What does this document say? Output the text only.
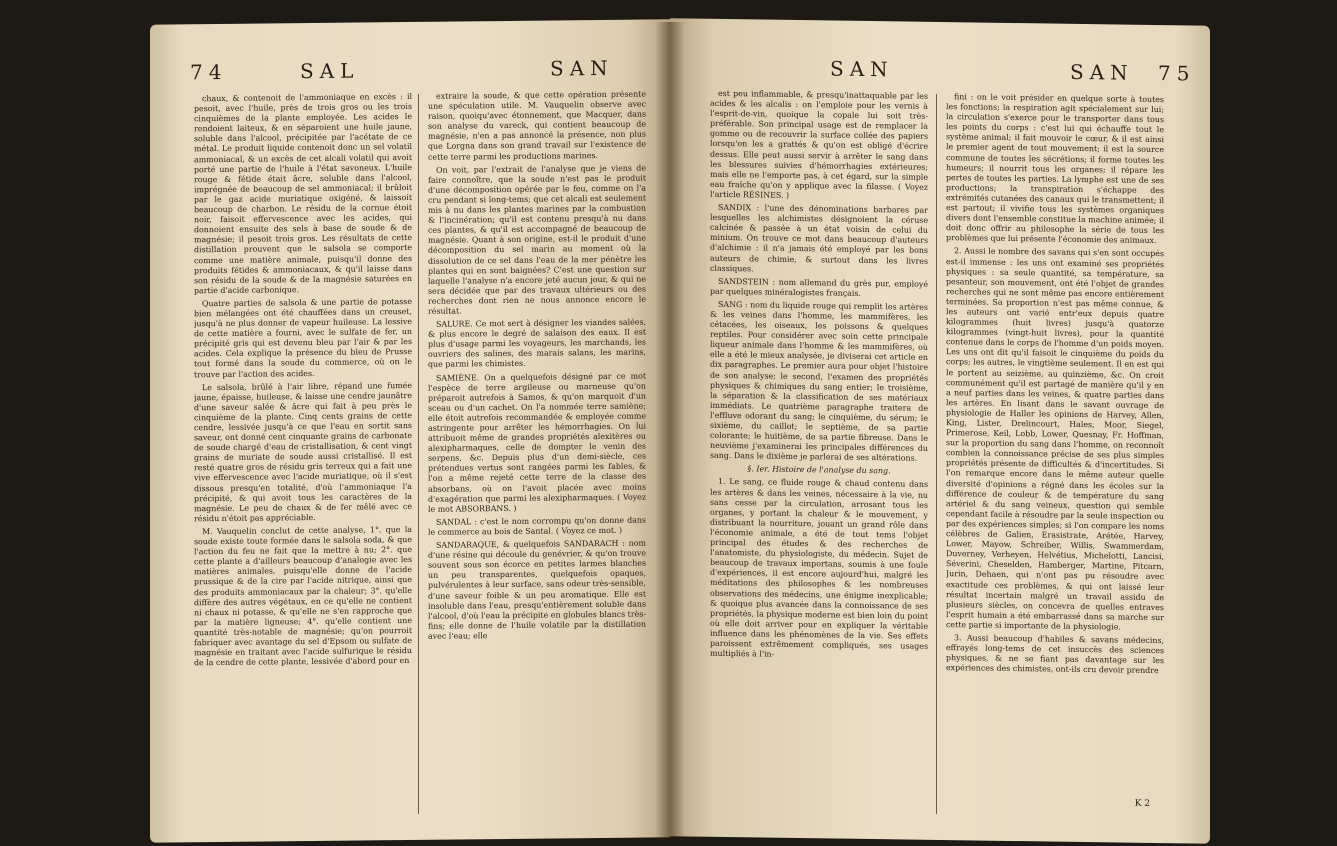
74	SAL	SAN

chaux, & contenoit de l'ammoniaque en excès : il pesoit, avec l'huile, près de trois gros ou les trois cinquièmes de la plante employée. Les acides le rendoient laiteux, & en séparoient une huile jaune, soluble dans l'alcool, précipitée par l'acétate de ce métal. Le produit liquide contenoit donc un sel volatil ammoniacal, & un excès de cet alcali volatil qui avoit porté une partie de l'huile à l'état savoneux. L'huile rouge & fétide était âcre, soluble dans l'alcool, imprégnée de beaucoup de sel ammoniacal; il brûloit par le gaz acide muriatique oxigéné, & laissoit beaucoup de charbon. Le résidu de la cornue étoit noir, faisoit effervescence avec les acides, qui donnoient ensuite des sels à base de soude & de magnésie; il pesoit trois gros. Les résultats de cette distillation prouvent que le salsola se comporte comme une matière animale, puisqu'il donne des produits fétides & ammoniacaux, & qu'il laisse dans son résidu de la soude & de la magnésie saturées en partie d'acide carbonique.

Quatre parties de salsola & une partie de potasse bien mélangées ont été chauffées dans un creuset, jusqu'à ne plus donner de vapeur huileuse. La lessive de cette matière a fourni, avec le sulfate de fer, un précipité gris qui est devenu bleu par l'air & par les acides. Cela explique la présence du bleu de Prusse tout formé dans la soude du commerce, où on le trouve par l'action des acides.

Le salsola, brûlé à l'air libre, répand une fumée jaune, épaisse, huileuse, & laisse une cendre jaunâtre d'une saveur salée & âcre qui fait à peu près le cinquième de la plante. Cinq cents grains de cette cendre, lessivée jusqu'à ce que l'eau en sortit sans saveur, ont donné cent cinquante grains de carbonate de soude chargé d'eau de cristallisation, & cent vingt grains de muriate de soude aussi cristallisé. Il est resté quatre gros de résidu gris terreux qui a fait une vive effervescence avec l'acide muriatique, où il s'est dissous presqu'en totalité, d'où l'ammoniaque l'a précipité, & qui avoit tous les caractères de la magnésie. Le peu de chaux & de fer mêlé avec ce résidu n'étoit pas appréciable.

M. Vauquelin conclut de cette analyse, 1°. que la soude existe toute formée dans le salsola soda, & que l'action du feu ne fait que la mettre à nu; 2°. que cette plante a d'ailleurs beaucoup d'analogie avec les matières animales, puisqu'elle donne de l'acide prussique & de la cire par l'acide nitrique, ainsi que des produits ammoniacaux par la chaleur; 3°. qu'elle diffère des autres végétaux, en ce qu'elle ne contient ni chaux ni potasse, & qu'elle ne s'en rapproche que par la matière ligneuse; 4°. qu'elle contient une quantité très-notable de magnésie; qu'on pourroit fabriquer avec avantage du sel d'Epsom ou sulfate de magnésie en traitant avec l'acide sulfurique le résidu de la cendre de cette plante, lessivée d'abord pour en

extraire la soude, & que cette opération présente une spéculation utile. M. Vauquelin observe avec raison, quoiqu'avec étonnement, que Macquer, dans son analyse du vareck, qui contient beaucoup de magnésie, n'en a pas annoncé la présence, non plus que Lorgna dans son grand travail sur l'existence de cette terre parmi les productions marines.

On voit, par l'extrait de l'analyse que je viens de faire connoître, que la soude n'est pas le produit d'une décomposition opérée par le feu, comme on l'a cru pendant si long-tems; que cet alcali est seulement mis à nu dans les plantes marines par la combustion & l'incinération; qu'il est contenu presqu'à nu dans ces plantes, & qu'il est accompagné de beaucoup de magnésie. Quant à son origine, est-il le produit d'une décomposition du sel marin au moment où la dissolution de ce sel dans l'eau de la mer pénètre les plantes qui en sont baignées? C'est une question sur laquelle l'analyse n'a encore jeté aucun jour, & qui ne sera décidée que par des travaux ultérieurs ou des recherches dont rien ne nous annonce encore le résultat.

SALURE. Ce mot sert à désigner les viandes salées, & plus encore le degré de salaison des eaux. Il est plus d'usage parmi les voyageurs, les marchands, les ouvriers des salines, des marais salans, les marins, que parmi les chimistes.

SAMIÈNE. On a quelquefois désigné par ce mot l'espèce de terre argileuse ou marneuse qu'on préparoit autrefois à Samos, & qu'on marquoit d'un sceau ou d'un cachet. On l'a nommée terre samiène; elle étoit autrefois recommandée & employée comme astringente pour arrêter les hémorrhagies. On lui attribuoit même de grandes propriétés alexitères ou alexipharmaques, celle de dompter le venin des serpens, &c. Depuis plus d'un demi-siècle, ces prétendues vertus sont rangées parmi les fables, & l'on a même rejeté cette terre de la classe des absorbans, où on l'avoit placée avec moins d'exagération que parmi les alexipharmaques. ( Voyez le mot ABSORBANS. )

SANDAL : c'est le nom corrompu qu'on donne dans le commerce au bois de Santal. ( Voyez ce mot. )

SANDARAQUE, & quelquefois SANDARACH : nom d'une résine qui découle du genévrier, & qu'on trouve souvent sous son écorce en petites larmes blanches un peu transparentes, quelquefois opaques, pulvérulentes à leur surface, sans odeur très-sensible, d'une saveur foible & un peu aromatique. Elle est insoluble dans l'eau, presqu'entièrement soluble dans l'alcool, d'où l'eau la précipite en globules blancs très-fins; elle donne de l'huile volatile par la distillation avec l'eau; elle

SAN	SAN 75

est peu inflammable, & presqu'inattaquable par les acides & les alcalis : on l'emploie pour les vernis à l'esprit-de-vin, quoique la copale lui soit très-préférable. Son principal usage est de remplacer la gomme ou de recouvrir la surface collée des papiers lorsqu'on les a grattés & qu'on est obligé d'écrire dessus. Elle peut aussi servir à arrêter le sang dans les blessures suivies d'hémorrhagies extérieures; mais elle ne l'emporte pas, à cet égard, sur la simple eau fraîche qu'on y applique avec la filasse. ( Voyez l'article RÉSINES. )

SANDIX : l'une des dénominations barbares par lesquelles les alchimistes désignoient la céruse calcinée & passée à un état voisin de celui du minium. On trouve ce mot dans beaucoup d'auteurs d'alchimie : il n'a jamais été employé par les bons auteurs de chimie, & surtout dans les livres classiques.

SANDSTEIN : nom allemand du grès pur, employé par quelques minéralogistes français.

SANG : nom du liquide rouge qui remplit les artères & les veines dans l'homme, les mammifères, les cétacées, les oiseaux, les poissons & quelques reptiles. Pour considérer avec soin cette principale liqueur animale dans l'homme & les mammifères, où elle a été le mieux analysée, je diviserai cet article en dix paragraphes. Le premier aura pour objet l'histoire de son analyse; le second, l'examen des propriétés physiques & chimiques du sang entier; le troisième, la séparation & la classification de ses matériaux immédiats. Le quatrième paragraphe traitera de l'effluve odorant du sang; le cinquième, du sérum; le sixième, du caillot; le septième, de sa partie colorante; le huitième, de sa partie fibreuse. Dans le neuvième j'examinerai les principales différences du sang. Dans le dixième je parlerai de ses altérations.

§. Ier. Histoire de l'analyse du sang.

1. Le sang, ce fluide rouge & chaud contenu dans les artères & dans les veines, nécessaire à la vie, nu sans cesse par la circulation, arrosant tous les organes, y portant la chaleur & le mouvement, y distribuant la nourriture, jouant un grand rôle dans l'économie animale, a été de tout tems l'objet principal des études & des recherches de l'anatomiste, du physiologiste, du médecin. Sujet de beaucoup de travaux importans, soumis à une foule d'expériences, il est encore aujourd'hui, malgré les méditations des philosophes & les nombreuses observations des médecins, une énigme inexplicable; & quoique plus avancée dans la connoissance de ses propriétés, la physique moderne est bien loin du point où elle doit arriver pour en expliquer la véritable influence dans les phénomènes de la vie. Ses effets paroissent extrêmement compliqués, ses usages multipliés à l'in-

fini : on le voit présider en quelque sorte à toutes les fonctions; la respiration agit spécialement sur lui; la circulation s'exerce pour le transporter dans tous les points du corps : c'est lui qui échauffe tout le système animal; il fait mouvoir le cœur, & il est ainsi le premier agent de tout mouvement; il est la source commune de toutes les sécrétions; il forme toutes les humeurs; il nourrit tous les organes; il répare les pertes de toutes les parties. La lymphe est une de ses productions; la transpiration s'échappe des extrémités cutanées des canaux qui le transmettent; il est partout; il vivifie tous les systèmes organiques divers dont l'ensemble constitue la machine animée; il doit donc offrir au philosophe la série de tous les problèmes que lui présente l'économie des animaux.

2. Aussi le nombre des savans qui s'en sont occupés est-il immense : les uns ont examiné ses propriétés physiques : sa seule quantité, sa température, sa pesanteur, son mouvement, ont été l'objet de grandes recherches qui ne sont même pas encore entièrement terminées. Sa proportion n'est pas même connue, & les auteurs ont varié entr'eux depuis quatre kilogrammes (huit livres) jusqu'à quatorze kilogrammes (vingt-huit livres), pour la quantité contenue dans le corps de l'homme d'un poids moyen. Les uns ont dit qu'il faisoit le cinquième du poids du corps; les autres, le vingtième seulement. Il en est qui le portent au seizième, au quinzième, &c. On croit communément qu'il est partagé de manière qu'il y en a neuf parties dans les veines, & quatre parties dans les artères. En lisant dans le savant ouvrage de physiologie de Haller les opinions de Harvey, Allen, King, Lister, Drelincourt, Hales, Moor, Siegel, Primerose, Keil, Lobb, Lower, Quesnay, Fr. Hoffman, sur la proportion du sang dans l'homme, on reconnoît combien la connoissance précise de ses plus simples propriétés présente de difficultés & d'incertitudes. Si l'on remarque encore dans le même auteur quelle diversité d'opinions a régné dans les écoles sur la différence de couleur & de température du sang artériel & du sang veineux, question qui semble cependant facile à résoudre par la seule inspection ou par des expériences simples; si l'on compare les noms célèbres de Galien, Erasistrate, Arétée, Harvey, Lower, Mayow, Schreiber, Willis, Swammerdam, Duverney, Verheyen, Helvétius, Michelotti, Lancisi, Séverini, Cheselden, Hamberger, Martine, Pitcarn, Jurin, Dehaen, qui n'ont pas pu résoudre avec exactitude ces problèmes, & qui ont laissé leur résultat incertain malgré un travail assidu de plusieurs siècles, on concevra de quelles entraves l'esprit humain a été embarrassé dans sa marche sur cette partie si importante de la physiologie.

3. Aussi beaucoup d'habiles & savans médecins, effrayés long-tems de cet insuccès des sciences physiques, & ne se fiant pas davantage sur les expériences des chimistes, ont-ils cru devoir prendre

K 2
